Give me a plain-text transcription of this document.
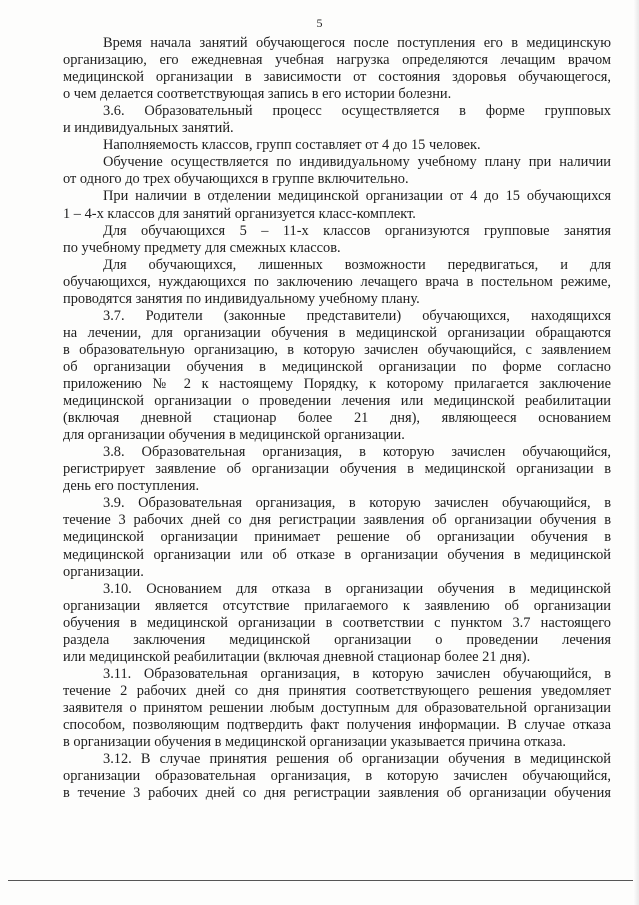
5
Время начала занятий обучающегося после поступления его в медицинскую
организацию, его ежедневная учебная нагрузка определяются лечащим врачом
медицинской организации в зависимости от состояния здоровья обучающегося,
о чем делается соответствующая запись в его истории болезни.
3.6. Образовательный процесс осуществляется в форме групповых
и индивидуальных занятий.
Наполняемость классов, групп составляет от 4 до 15 человек.
Обучение осуществляется по индивидуальному учебному плану при наличии
от одного до трех обучающихся в группе включительно.
При наличии в отделении медицинской организации от 4 до 15 обучающихся
1 – 4-х классов для занятий организуется класс-комплект.
Для обучающихся 5 – 11-х классов организуются групповые занятия
по учебному предмету для смежных классов.
Для обучающихся, лишенных возможности передвигаться, и для
обучающихся, нуждающихся по заключению лечащего врача в постельном режиме,
проводятся занятия по индивидуальному учебному плану.
3.7. Родители (законные представители) обучающихся, находящихся
на лечении, для организации обучения в медицинской организации обращаются
в образовательную организацию, в которую зачислен обучающийся, с заявлением
об организации обучения в медицинской организации по форме согласно
приложению № 2 к настоящему Порядку, к которому прилагается заключение
медицинской организации о проведении лечения или медицинской реабилитации
(включая дневной стационар более 21 дня), являющееся основанием
для организации обучения в медицинской организации.
3.8. Образовательная организация, в которую зачислен обучающийся,
регистрирует заявление об организации обучения в медицинской организации в
день его поступления.
3.9. Образовательная организация, в которую зачислен обучающийся, в
течение 3 рабочих дней со дня регистрации заявления об организации обучения в
медицинской организации принимает решение об организации обучения в
медицинской организации или об отказе в организации обучения в медицинской
организации.
3.10. Основанием для отказа в организации обучения в медицинской
организации является отсутствие прилагаемого к заявлению об организации
обучения в медицинской организации в соответствии с пунктом 3.7 настоящего
раздела заключения медицинской организации о проведении лечения
или медицинской реабилитации (включая дневной стационар более 21 дня).
3.11. Образовательная организация, в которую зачислен обучающийся, в
течение 2 рабочих дней со дня принятия соответствующего решения уведомляет
заявителя о принятом решении любым доступным для образовательной организации
способом, позволяющим подтвердить факт получения информации. В случае отказа
в организации обучения в медицинской организации указывается причина отказа.
3.12. В случае принятия решения об организации обучения в медицинской
организации образовательная организация, в которую зачислен обучающийся,
в течение 3 рабочих дней со дня регистрации заявления об организации обучения
